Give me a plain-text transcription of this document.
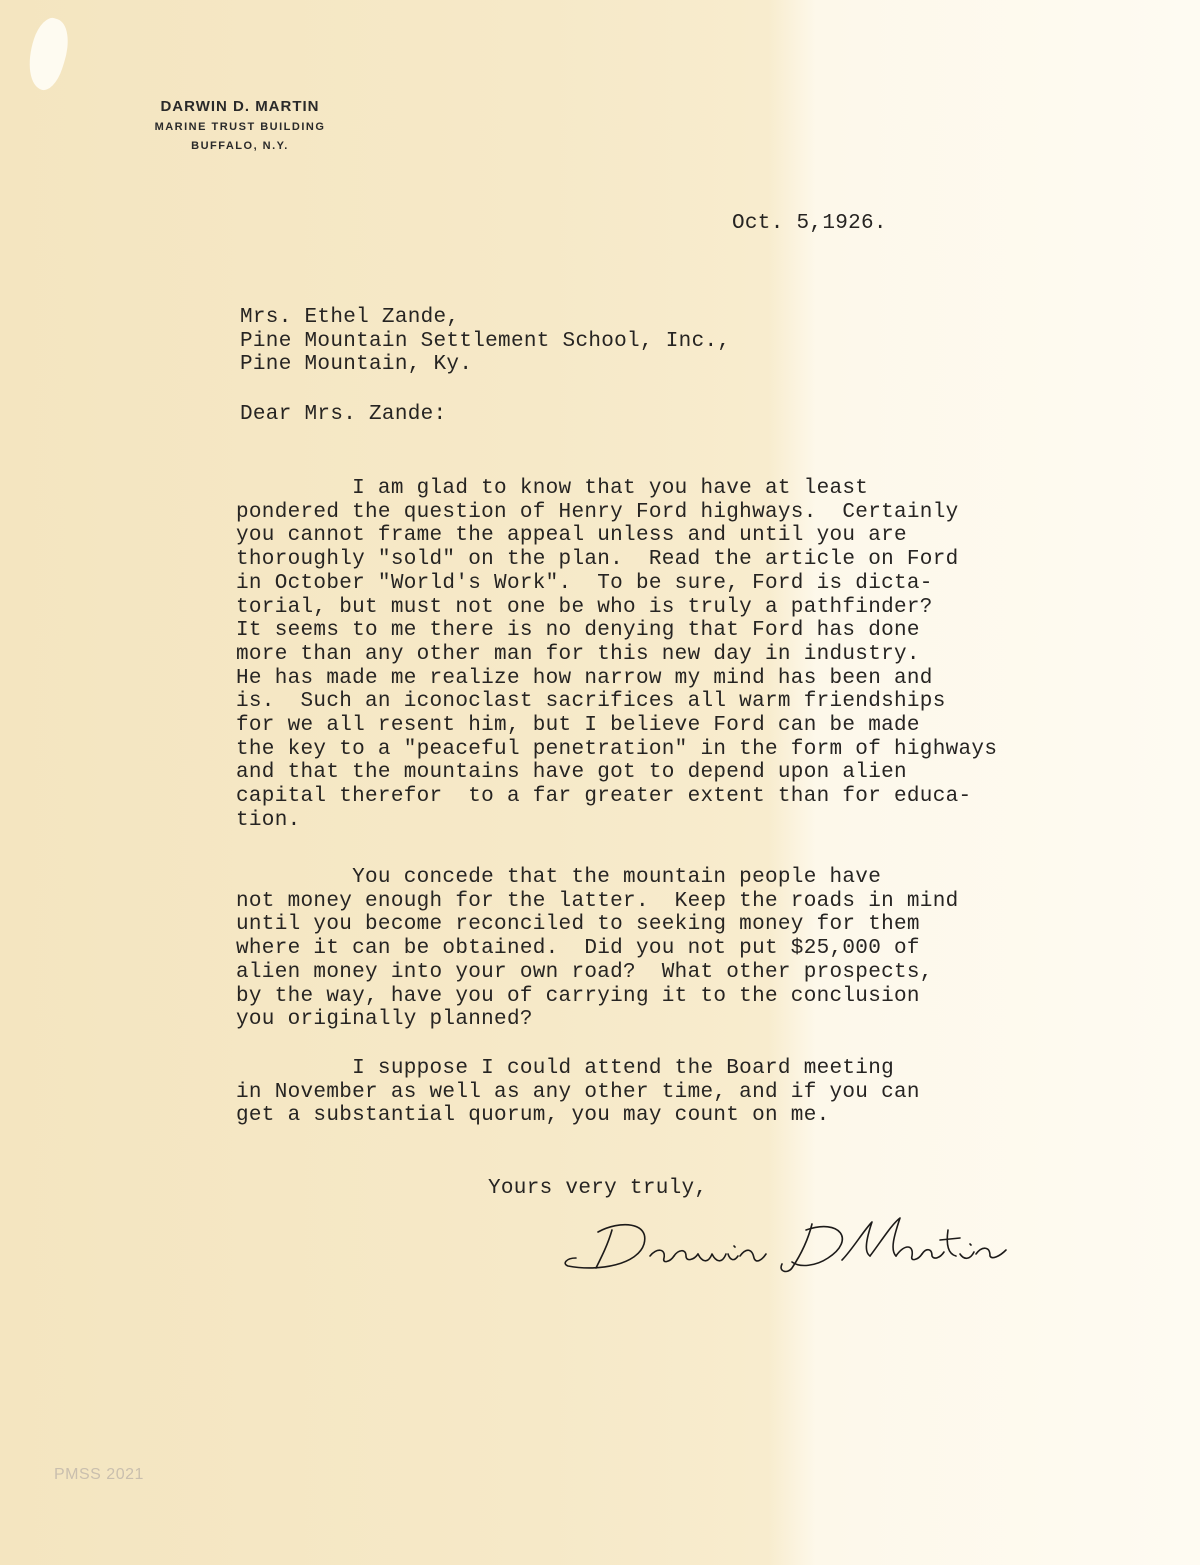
DARWIN D. MARTIN
MARINE TRUST BUILDING
BUFFALO, N.Y.
Oct. 5,1926.
Mrs. Ethel Zande,
Pine Mountain Settlement School, Inc.,
Pine Mountain, Ky.
Dear Mrs. Zande:
I am glad to know that you have at least
pondered the question of Henry Ford highways.  Certainly
you cannot frame the appeal unless and until you are
thoroughly "sold" on the plan.  Read the article on Ford
in October "World's Work".  To be sure, Ford is dicta-
torial, but must not one be who is truly a pathfinder?
It seems to me there is no denying that Ford has done
more than any other man for this new day in industry.
He has made me realize how narrow my mind has been and
is.  Such an iconoclast sacrifices all warm friendships
for we all resent him, but I believe Ford can be made
the key to a "peaceful penetration" in the form of highways
and that the mountains have got to depend upon alien
capital therefor  to a far greater extent than for educa-
tion.
You concede that the mountain people have
not money enough for the latter.  Keep the roads in mind
until you become reconciled to seeking money for them
where it can be obtained.  Did you not put $25,000 of
alien money into your own road?  What other prospects,
by the way, have you of carrying it to the conclusion
you originally planned?
I suppose I could attend the Board meeting
in November as well as any other time, and if you can
get a substantial quorum, you may count on me.
Yours very truly,
PMSS 2021
